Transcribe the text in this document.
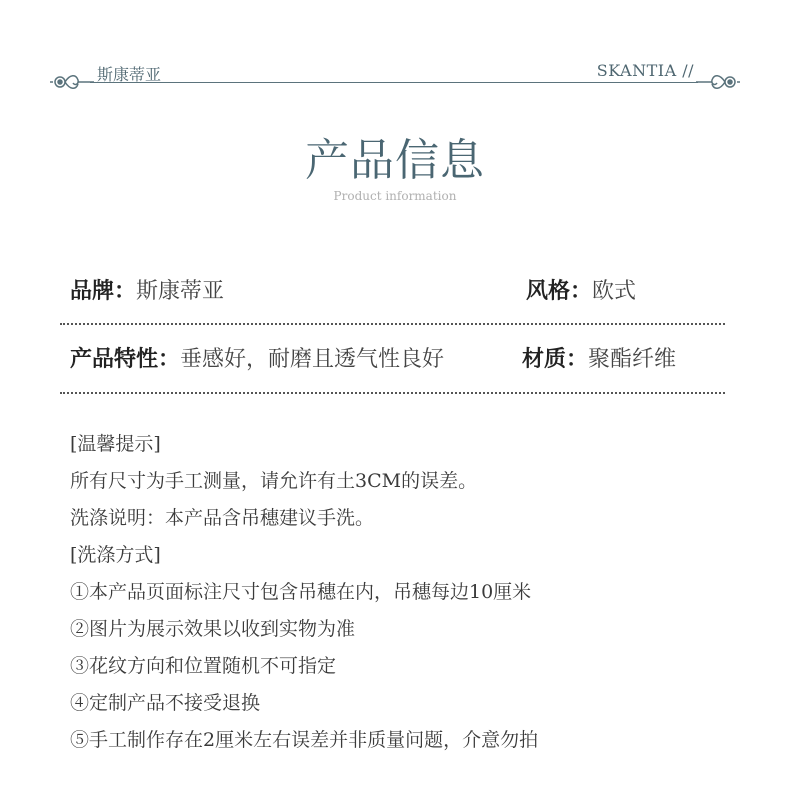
斯康蒂亚	SKANTIA //
产品信息
Product information
品牌：斯康蒂亚	风格：欧式
产品特性：垂感好，耐磨且透气性良好	材质：聚酯纤维
[温馨提示]
所有尺寸为手工测量，请允许有土3CM的误差。
洗涤说明：本产品含吊穗建议手洗。
[洗涤方式]
①本产品页面标注尺寸包含吊穗在内，吊穗每边10厘米
②图片为展示效果以收到实物为准
③花纹方向和位置随机不可指定
④定制产品不接受退换
⑤手工制作存在2厘米左右误差并非质量问题，介意勿拍
